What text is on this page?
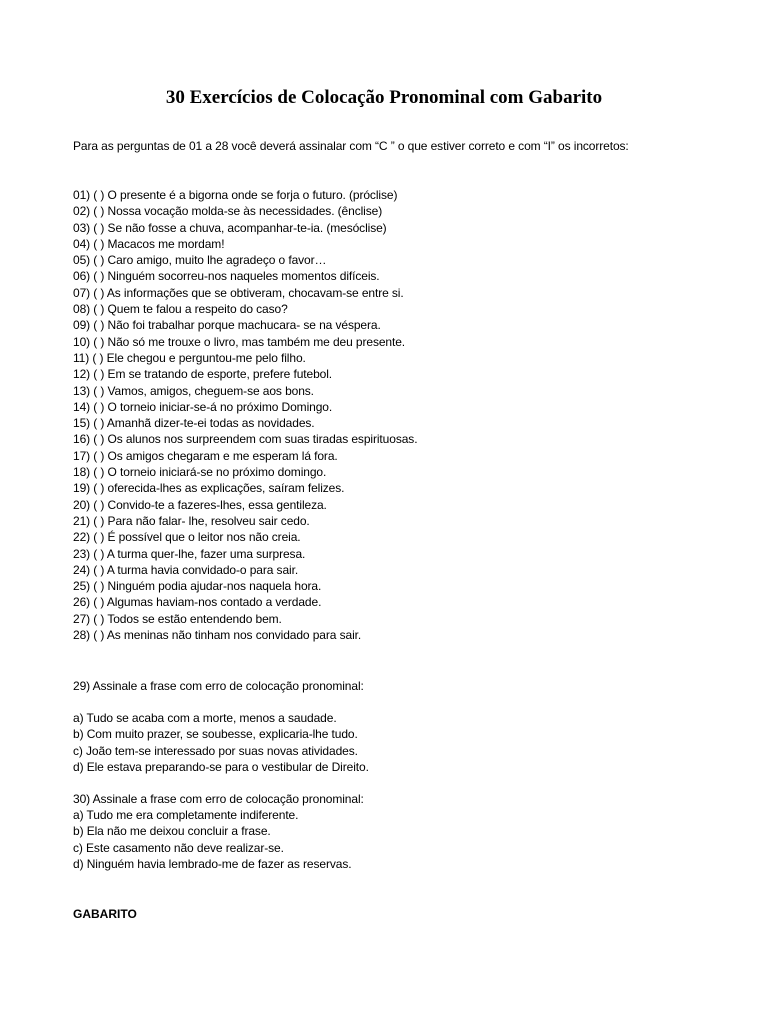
30 Exercícios de Colocação Pronominal com Gabarito
Para as perguntas de 01 a 28 você deverá assinalar com “C ” o que estiver correto e com “I” os incorretos:
01) ( ) O presente é a bigorna onde se forja o futuro. (próclise)
02) ( ) Nossa vocação molda-se às necessidades. (ênclise)
03) ( ) Se não fosse a chuva, acompanhar-te-ia. (mesóclise)
04) ( ) Macacos me mordam!
05) ( ) Caro amigo, muito lhe agradeço o favor…
06) ( ) Ninguém socorreu-nos naqueles momentos difíceis.
07) ( ) As informações que se obtiveram, chocavam-se entre si.
08) ( ) Quem te falou a respeito do caso?
09) ( ) Não foi trabalhar porque machucara- se na véspera.
10) ( ) Não só me trouxe o livro, mas também me deu presente.
11) ( ) Ele chegou e perguntou-me pelo filho.
12) ( ) Em se tratando de esporte, prefere futebol.
13) ( ) Vamos, amigos, cheguem-se aos bons.
14) ( ) O torneio iniciar-se-á no próximo Domingo.
15) ( ) Amanhã dizer-te-ei todas as novidades.
16) ( ) Os alunos nos surpreendem com suas tiradas espirituosas.
17) ( ) Os amigos chegaram e me esperam lá fora.
18) ( ) O torneio iniciará-se no próximo domingo.
19) ( ) oferecida-lhes as explicações, saíram felizes.
20) ( ) Convido-te a fazeres-lhes, essa gentileza.
21) ( ) Para não falar- lhe, resolveu sair cedo.
22) ( ) É possível que o leitor nos não creia.
23) ( ) A turma quer-lhe, fazer uma surpresa.
24) ( ) A turma havia convidado-o para sair.
25) ( ) Ninguém podia ajudar-nos naquela hora.
26) ( ) Algumas haviam-nos contado a verdade.
27) ( ) Todos se estão entendendo bem.
28) ( ) As meninas não tinham nos convidado para sair.
29) Assinale a frase com erro de colocação pronominal:
a) Tudo se acaba com a morte, menos a saudade.
b) Com muito prazer, se soubesse, explicaria-lhe tudo.
c) João tem-se interessado por suas novas atividades.
d) Ele estava preparando-se para o vestibular de Direito.
30) Assinale a frase com erro de colocação pronominal:
a) Tudo me era completamente indiferente.
b) Ela não me deixou concluir a frase.
c) Este casamento não deve realizar-se.
d) Ninguém havia lembrado-me de fazer as reservas.
GABARITO
